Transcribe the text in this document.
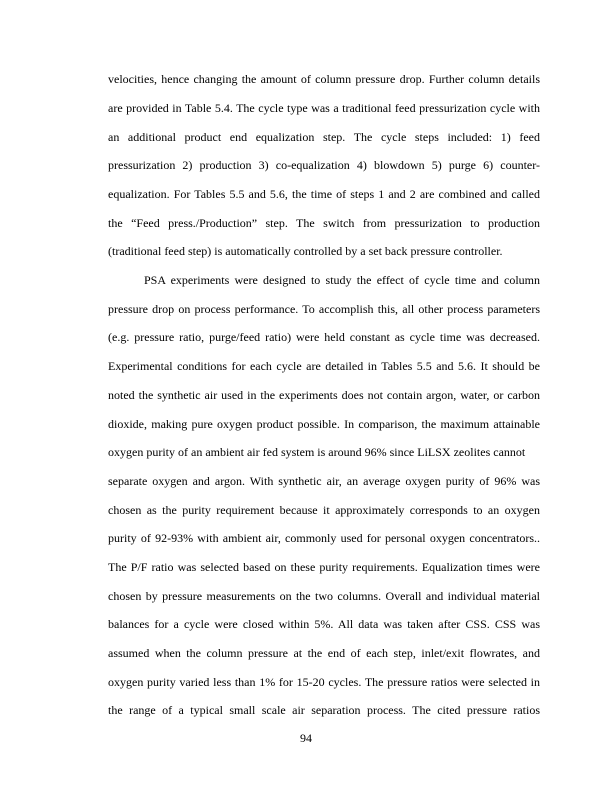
velocities, hence changing the amount of column pressure drop. Further column details
are provided in Table 5.4. The cycle type was a traditional feed pressurization cycle with
an additional product end equalization step. The cycle steps included: 1) feed
pressurization 2) production 3) co-equalization 4) blowdown 5) purge 6) counter-
equalization. For Tables 5.5 and 5.6, the time of steps 1 and 2 are combined and called
the “Feed press./Production” step. The switch from pressurization to production
(traditional feed step) is automatically controlled by a set back pressure controller.
PSA experiments were designed to study the effect of cycle time and column
pressure drop on process performance. To accomplish this, all other process parameters
(e.g. pressure ratio, purge/feed ratio) were held constant as cycle time was decreased.
Experimental conditions for each cycle are detailed in Tables 5.5 and 5.6. It should be
noted the synthetic air used in the experiments does not contain argon, water, or carbon
dioxide, making pure oxygen product possible. In comparison, the maximum attainable
oxygen purity of an ambient air fed system is around 96% since LiLSX zeolites cannot
separate oxygen and argon. With synthetic air, an average oxygen purity of 96% was
chosen as the purity requirement because it approximately corresponds to an oxygen
purity of 92-93% with ambient air, commonly used for personal oxygen concentrators..
The P/F ratio was selected based on these purity requirements. Equalization times were
chosen by pressure measurements on the two columns. Overall and individual material
balances for a cycle were closed within 5%. All data was taken after CSS. CSS was
assumed when the column pressure at the end of each step, inlet/exit flowrates, and
oxygen purity varied less than 1% for 15-20 cycles. The pressure ratios were selected in
the range of a typical small scale air separation process. The cited pressure ratios
94
